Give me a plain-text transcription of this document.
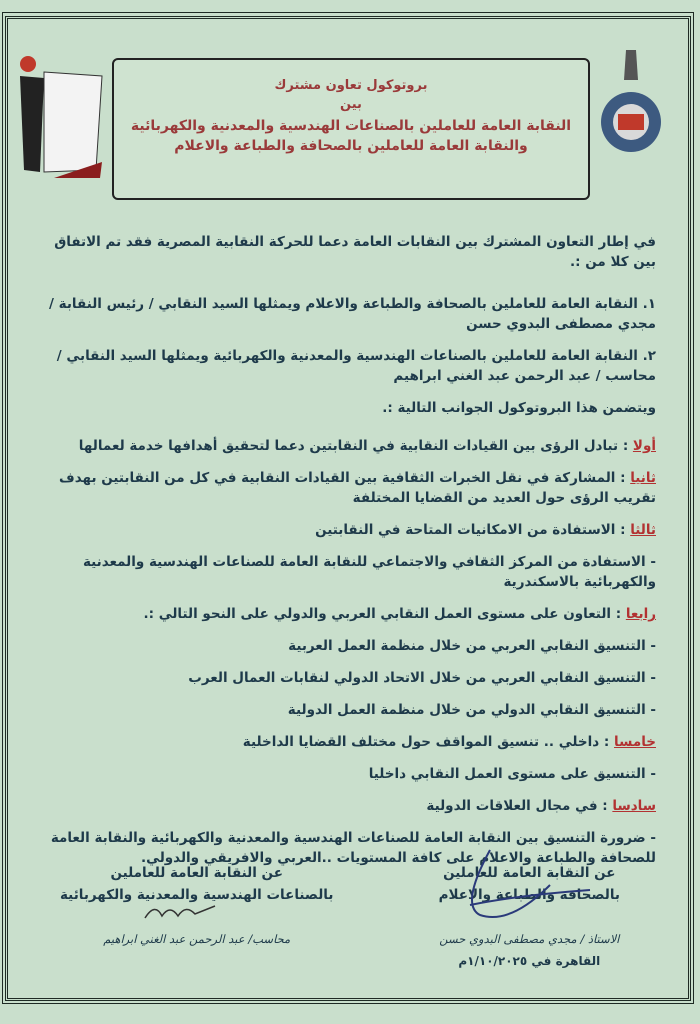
بروتوكول تعاون مشترك
بين
النقابة العامة للعاملين بالصناعات الهندسية والمعدنية والكهربائية
والنقابة العامة للعاملين بالصحافة والطباعة والاعلام

في إطار التعاون المشترك بين النقابات العامة دعما للحركة النقابية المصرية فقد تم الاتفاق بين كلا من :.

١. النقابة العامة للعاملين بالصحافة والطباعة والاعلام ويمثلها السيد النقابي / رئيس النقابة / مجدي مصطفى البدوي حسن

٢. النقابة العامة للعاملين بالصناعات الهندسية والمعدنية والكهربائية ويمثلها السيد النقابي / محاسب / عبد الرحمن عبد الغني ابراهيم

ويتضمن هذا البروتوكول الجوانب التالية :.

أولا : تبادل الرؤى بين القيادات النقابية في النقابتين دعما لتحقيق أهدافها خدمة لعمالها

ثانيا : المشاركة في نقل الخبرات الثقافية بين القيادات النقابية في كل من النقابتين بهدف تقريب الرؤى حول العديد من القضايا المختلفة

ثالثا : الاستفادة من الامكانيات المتاحة في النقابتين

- الاستفادة من المركز الثقافي والاجتماعي للنقابة العامة للصناعات الهندسية والمعدنية والكهربائية بالاسكندرية

رابعا : التعاون على مستوى العمل النقابي العربي والدولي على النحو التالي :.

- التنسيق النقابي العربي من خلال منظمة العمل العربية

- التنسيق النقابي العربي من خلال الاتحاد الدولي لنقابات العمال العرب

- التنسيق النقابي الدولي من خلال منظمة العمل الدولية

خامسا : داخلي .. تنسيق المواقف حول مختلف القضايا الداخلية

- التنسيق على مستوى العمل النقابي داخليا

سادسا : في مجال العلاقات الدولية

- ضرورة التنسيق بين النقابة العامة للصناعات الهندسية والمعدنية والكهربائية والنقابة العامة للصحافة والطباعة والاعلام على كافة المستويات ..العربي والافريقي والدولي.

عن النقابة العامة للعاملين
بالصحافة والطباعة والاعلام
الاستاذ / مجدي مصطفى البدوي حسن
القاهرة في ١/١٠/٢٠٢٥م
عن النقابة العامة للعاملين
بالصناعات الهندسية والمعدنية والكهربائية
محاسب/ عبد الرحمن عبد الغني ابراهيم
